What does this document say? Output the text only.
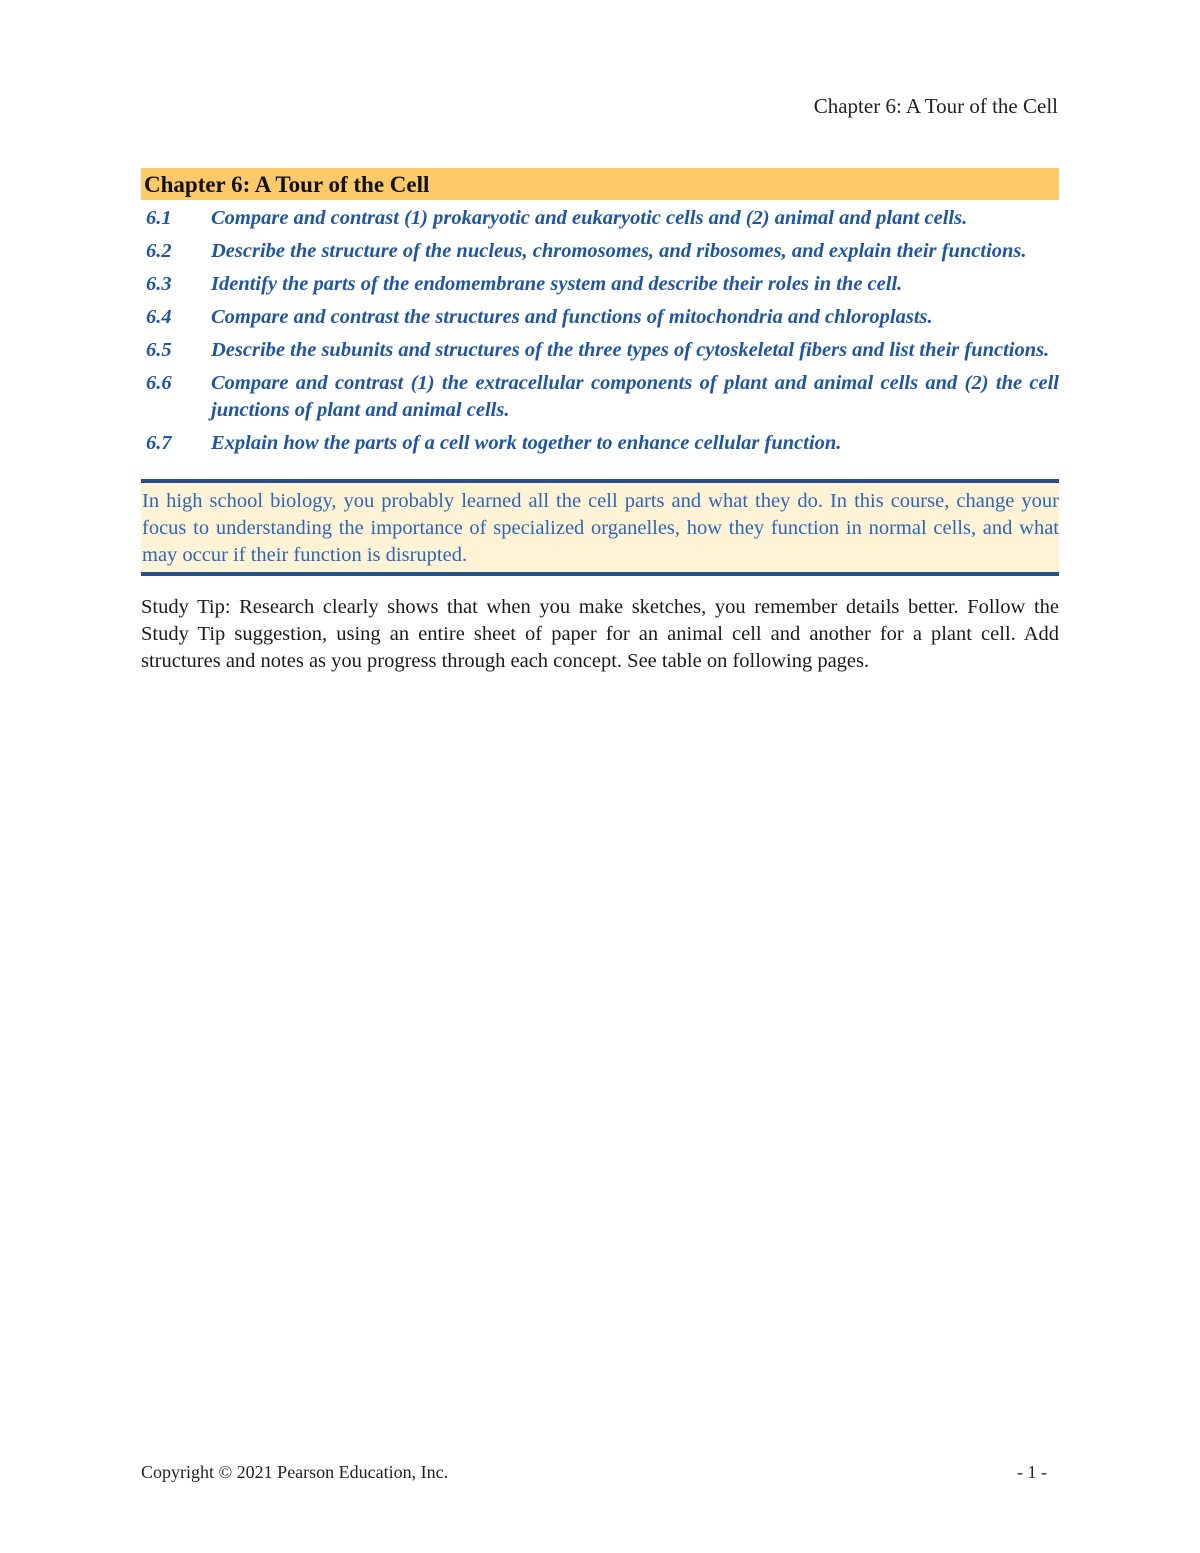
Chapter 6: A Tour of the Cell
Chapter 6: A Tour of the Cell
6.1	Compare and contrast (1) prokaryotic and eukaryotic cells and (2) animal and plant cells.
6.2	Describe the structure of the nucleus, chromosomes, and ribosomes, and explain their functions.
6.3	Identify the parts of the endomembrane system and describe their roles in the cell.
6.4	Compare and contrast the structures and functions of mitochondria and chloroplasts.
6.5	Describe the subunits and structures of the three types of cytoskeletal fibers and list their functions.
6.6	Compare and contrast (1) the extracellular components of plant and animal cells and (2) the cell junctions of plant and animal cells.
6.7	Explain how the parts of a cell work together to enhance cellular function.
In high school biology, you probably learned all the cell parts and what they do. In this course, change your focus to understanding the importance of specialized organelles, how they function in normal cells, and what may occur if their function is disrupted.
Study Tip: Research clearly shows that when you make sketches, you remember details better. Follow the Study Tip suggestion, using an entire sheet of paper for an animal cell and another for a plant cell. Add structures and notes as you progress through each concept. See table on following pages.
Copyright © 2021 Pearson Education, Inc.	- 1 -
